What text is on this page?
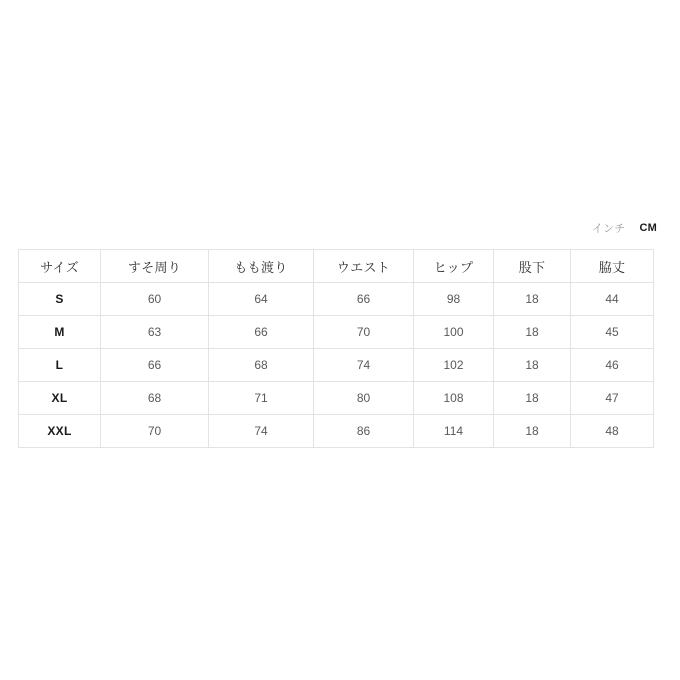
インチ CM
サイズ	すそ周り	もも渡り	ウエスト	ヒップ	股下	脇丈
S	60	64	66	98	18	44
M	63	66	70	100	18	45
L	66	68	74	102	18	46
XL	68	71	80	108	18	47
XXL	70	74	86	114	18	48
